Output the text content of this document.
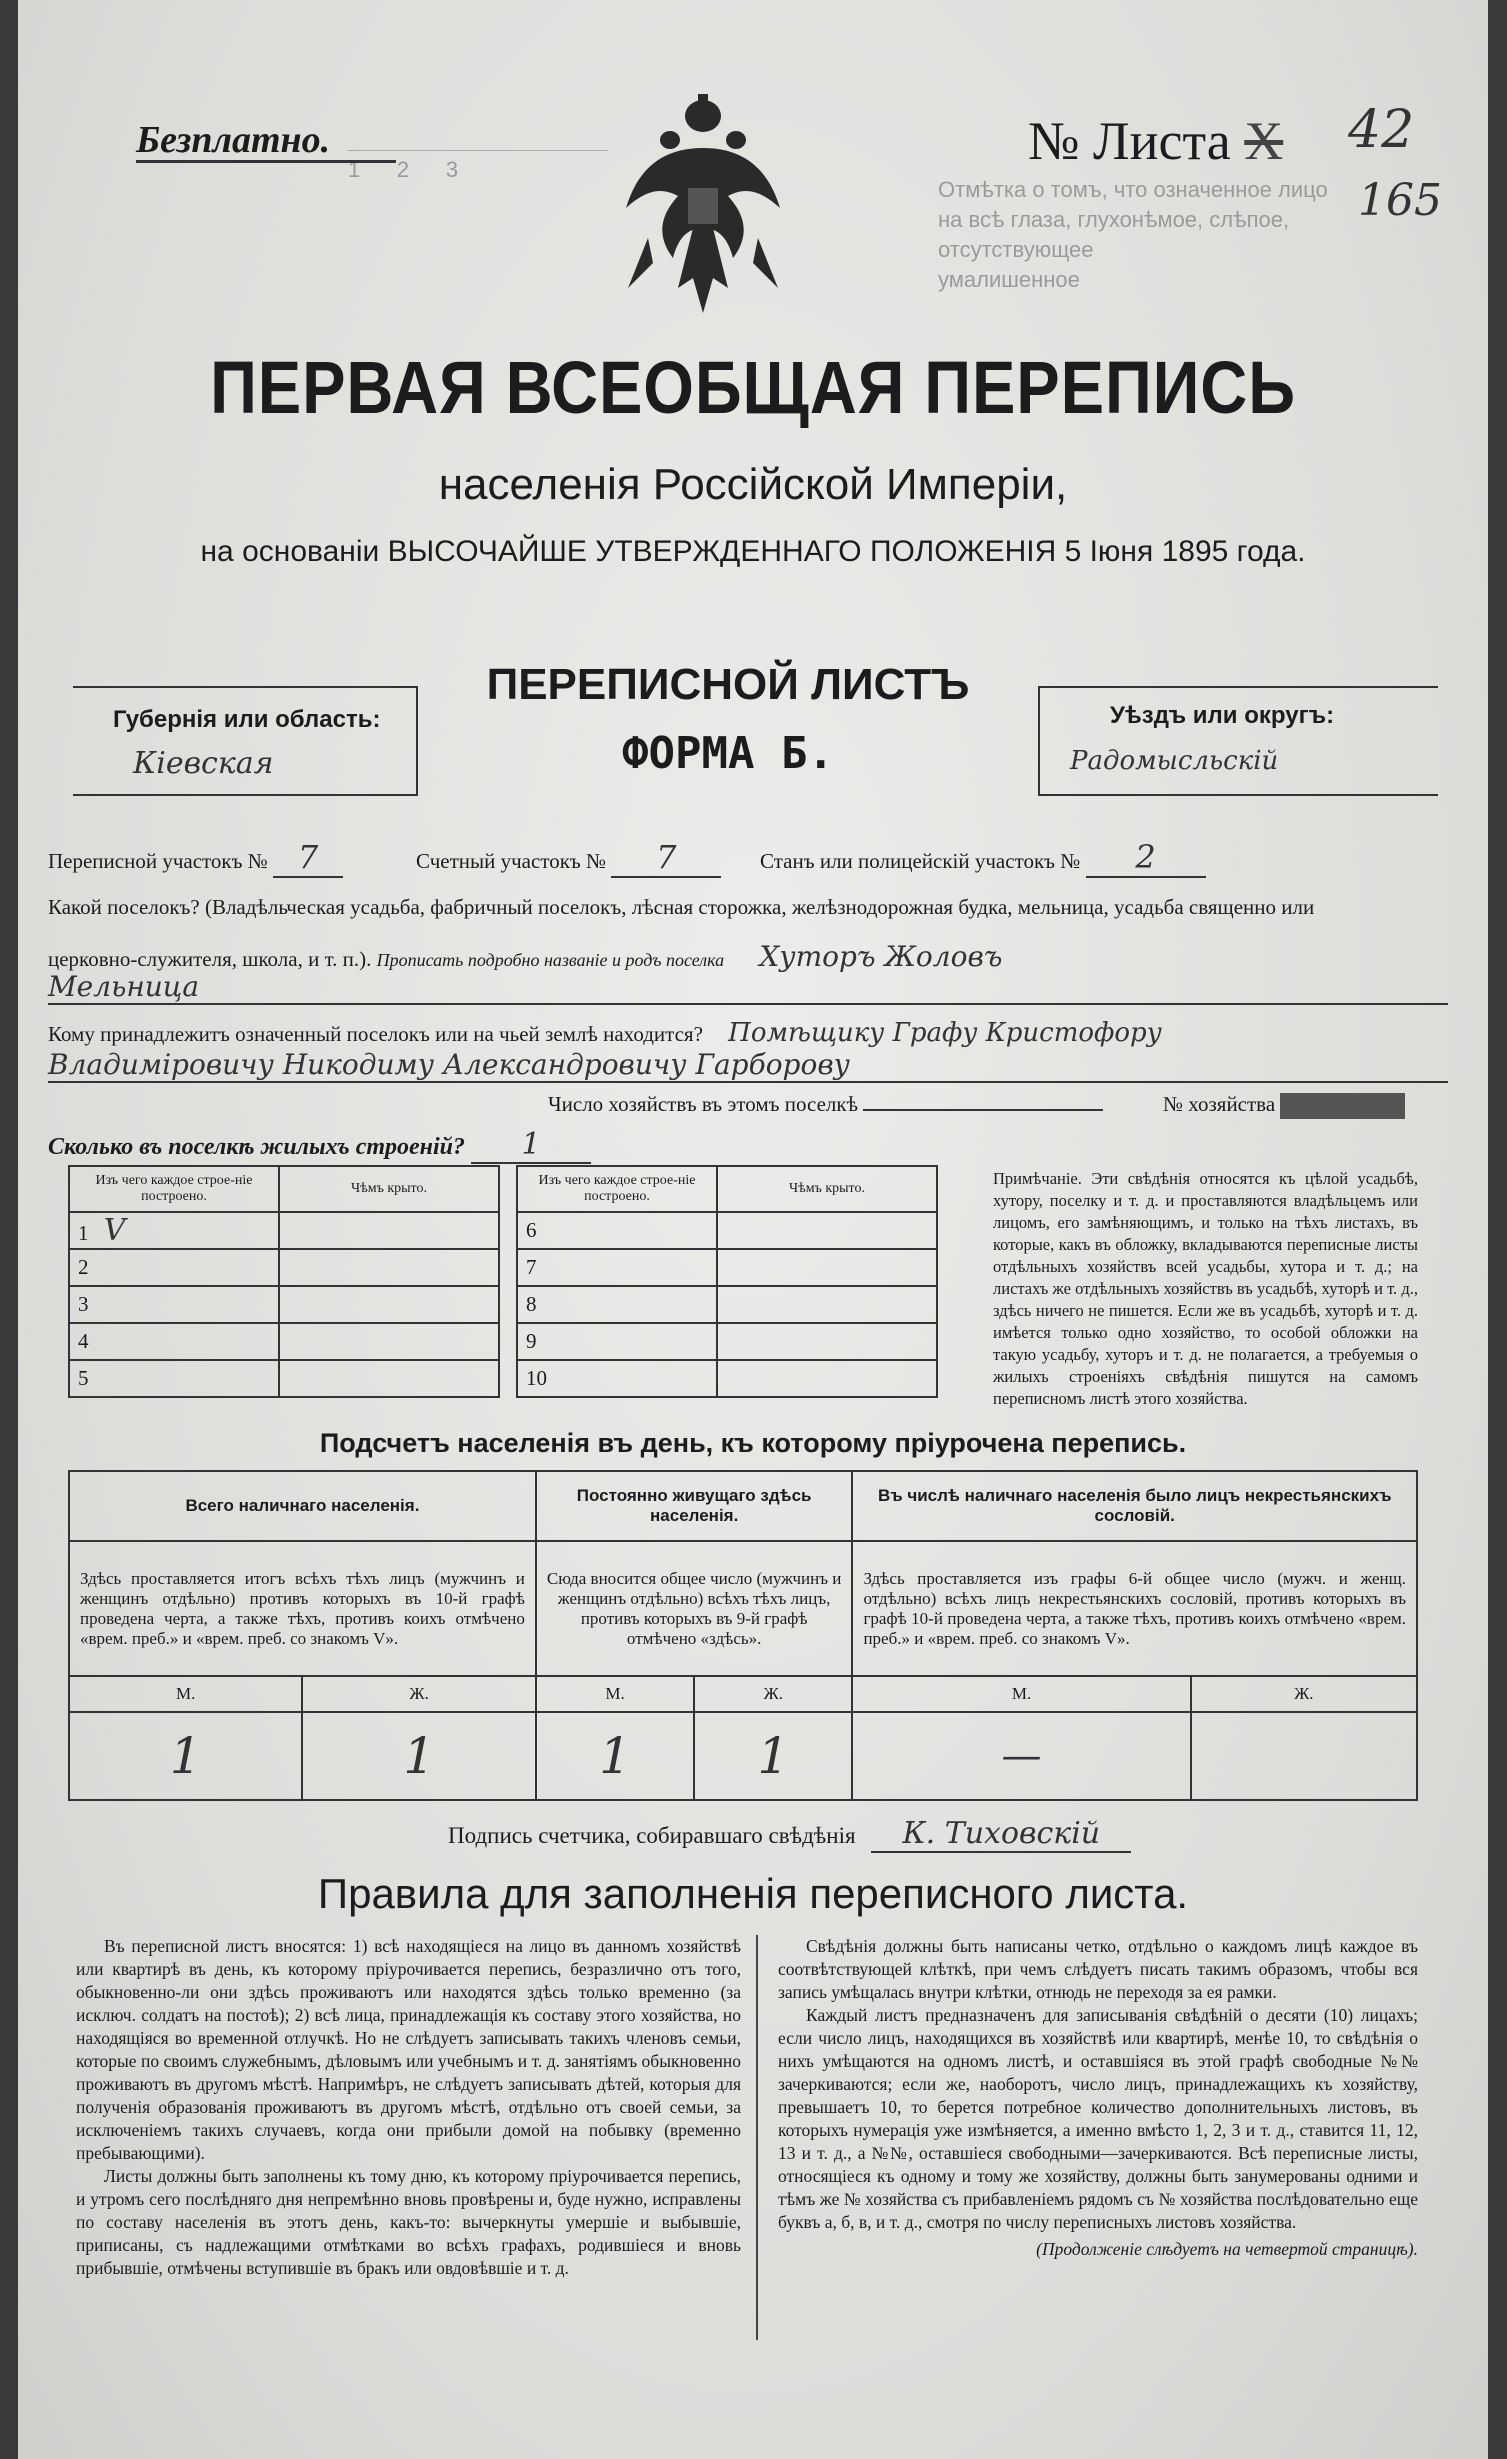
1      2      3
Отмѣтка о томъ, что означенное лицо
на всѣ глаза, глухонѣмое, слѣпое, отсутствующее
умалишенное
Безплатно.	№ Листа X 42
165
ПЕРВАЯ ВСЕОБЩАЯ ПЕРЕПИСЬ
населенія Россійской Имперіи,
на основаніи ВЫСОЧАЙШЕ УТВЕРЖДЕННАГО ПОЛОЖЕНІЯ 5 Іюня 1895 года.
Губернія или область:
Кіевская
ПЕРЕПИСНОЙ ЛИСТЪ
ФОРМА Б.
Уѣздъ или округъ:
Радомысльскій
Переписной участокъ № 7	Счетный участокъ № 7	Станъ или полицейскій участокъ № 2
Какой поселокъ? (Владѣльческая усадьба, фабричный поселокъ, лѣсная сторожка, желѣзнодорожная будка, мельница, усадьба священно или
церковно-служителя, школа, и т. п.). Прописать подробно названіе и родъ поселка Хуторъ Жоловъ
Мельница
Кому принадлежитъ означенный поселокъ или на чьей землѣ находится? Помѣщику Графу Кристофору
Владиміровичу Никодиму Александровичу Гарборову
Число хозяйствъ въ этомъ поселкѣ	№ хозяйства
Сколько въ поселкѣ жилыхъ строеній? 1
Изъ чего каждое строе-ніе построено.	Чѣмъ крыто.		Изъ чего каждое строе-ніе построено.	Чѣмъ крыто.
1 V			6	
2			7	
3			8	
4			9	
5			10	
Примѣчаніе. Эти свѣдѣнія относятся къ цѣлой усадьбѣ, хутору, поселку и т. д. и проставляются владѣльцемъ или лицомъ, его замѣняющимъ, и только на тѣхъ листахъ, въ которые, какъ въ обложку, вкладываются переписные листы отдѣльныхъ хозяйствъ всей усадьбы, хутора и т. д.; на листахъ же отдѣльныхъ хозяйствъ въ усадьбѣ, хуторѣ и т. д., здѣсь ничего не пишется. Если же въ усадьбѣ, хуторѣ и т. д. имѣется только одно хозяйство, то особой обложки на такую усадьбу, хуторъ и т. д. не полагается, а требуемыя о жилыхъ строеніяхъ свѣдѣнія пишутся на самомъ переписномъ листѣ этого хозяйства.
Подсчетъ населенія въ день, къ которому пріурочена перепись.
Всего наличнаго населенія.		Постоянно живущаго здѣсь населенія.		Въ числѣ наличнаго населенія было лицъ некрестьянскихъ сословій.	
Здѣсь проставляется итогъ всѣхъ тѣхъ лицъ (мужчинъ и женщинъ отдѣльно) противъ которыхъ въ 10-й графѣ проведена черта, а также тѣхъ, противъ коихъ отмѣчено «врем. преб.» и «врем. преб. со знакомъ V».		Сюда вносится общее число (мужчинъ и женщинъ отдѣльно) всѣхъ тѣхъ лицъ, противъ которыхъ въ 9-й графѣ отмѣчено «здѣсь».		Здѣсь проставляется изъ графы 6-й общее число (мужч. и женщ. отдѣльно) всѣхъ лицъ некрестьянскихъ сословій, противъ которыхъ въ графѣ 10-й проведена черта, а также тѣхъ, противъ коихъ отмѣчено «врем. преб.» и «врем. преб. со знакомъ V».	
М.	Ж.	М.	Ж.	М.	Ж.
1	1	1	1	—	
Подпись счетчика, собиравшаго свѣдѣнія К. Тиховскій
Правила для заполненія переписного листа.

Въ переписной листъ вносятся: 1) всѣ находящіеся на лицо въ данномъ хозяйствѣ или квартирѣ въ день, къ которому пріурочивается перепись, безразлично отъ того, обыкновенно-ли они здѣсь проживаютъ или находятся здѣсь только временно (за исключ. солдатъ на постоѣ); 2) всѣ лица, принадлежащія къ составу этого хозяйства, но находящіяся во временной отлучкѣ. Но не слѣдуетъ записывать такихъ членовъ семьи, которые по своимъ служебнымъ, дѣловымъ или учебнымъ и т. д. занятіямъ обыкновенно проживаютъ въ другомъ мѣстѣ. Напримѣръ, не слѣдуетъ записывать дѣтей, которыя для полученія образованія проживаютъ въ другомъ мѣстѣ, отдѣльно отъ своей семьи, за исключеніемъ такихъ случаевъ, когда они прибыли домой на побывку (временно пребывающими).

Листы должны быть заполнены къ тому дню, къ которому пріурочивается перепись, и утромъ сего послѣдняго дня непремѣнно вновь провѣрены и, буде нужно, исправлены по составу населенія въ этотъ день, какъ-то: вычеркнуты умершіе и выбывшіе, приписаны, съ надлежащими отмѣтками во всѣхъ графахъ, родившіеся и вновь прибывшіе, отмѣчены вступившіе въ бракъ или овдовѣвшіе и т. д.

Свѣдѣнія должны быть написаны четко, отдѣльно о каждомъ лицѣ каждое въ соотвѣтствующей клѣткѣ, при чемъ слѣдуетъ писать такимъ образомъ, чтобы вся запись умѣщалась внутри клѣтки, отнюдь не переходя за ея рамки.

Каждый листъ предназначенъ для записыванія свѣдѣній о десяти (10) лицахъ; если число лицъ, находящихся въ хозяйствѣ или квартирѣ, менѣе 10, то свѣдѣнія о нихъ умѣщаются на одномъ листѣ, и оставшіяся въ этой графѣ свободные №№ зачеркиваются; если же, наоборотъ, число лицъ, принадлежащихъ къ хозяйству, превышаетъ 10, то берется потребное количество дополнительныхъ листовъ, въ которыхъ нумерація уже измѣняется, а именно вмѣсто 1, 2, 3 и т. д., ставится 11, 12, 13 и т. д., а №№, оставшіеся свободными—зачеркиваются. Всѣ переписные листы, относящіеся къ одному и тому же хозяйству, должны быть занумерованы одними и тѣмъ же № хозяйства съ прибавленіемъ рядомъ съ № хозяйства послѣдовательно еще буквъ а, б, в, и т. д., смотря по числу переписныхъ листовъ хозяйства.

(Продолженіе слѣдуетъ на четвертой страницѣ).
